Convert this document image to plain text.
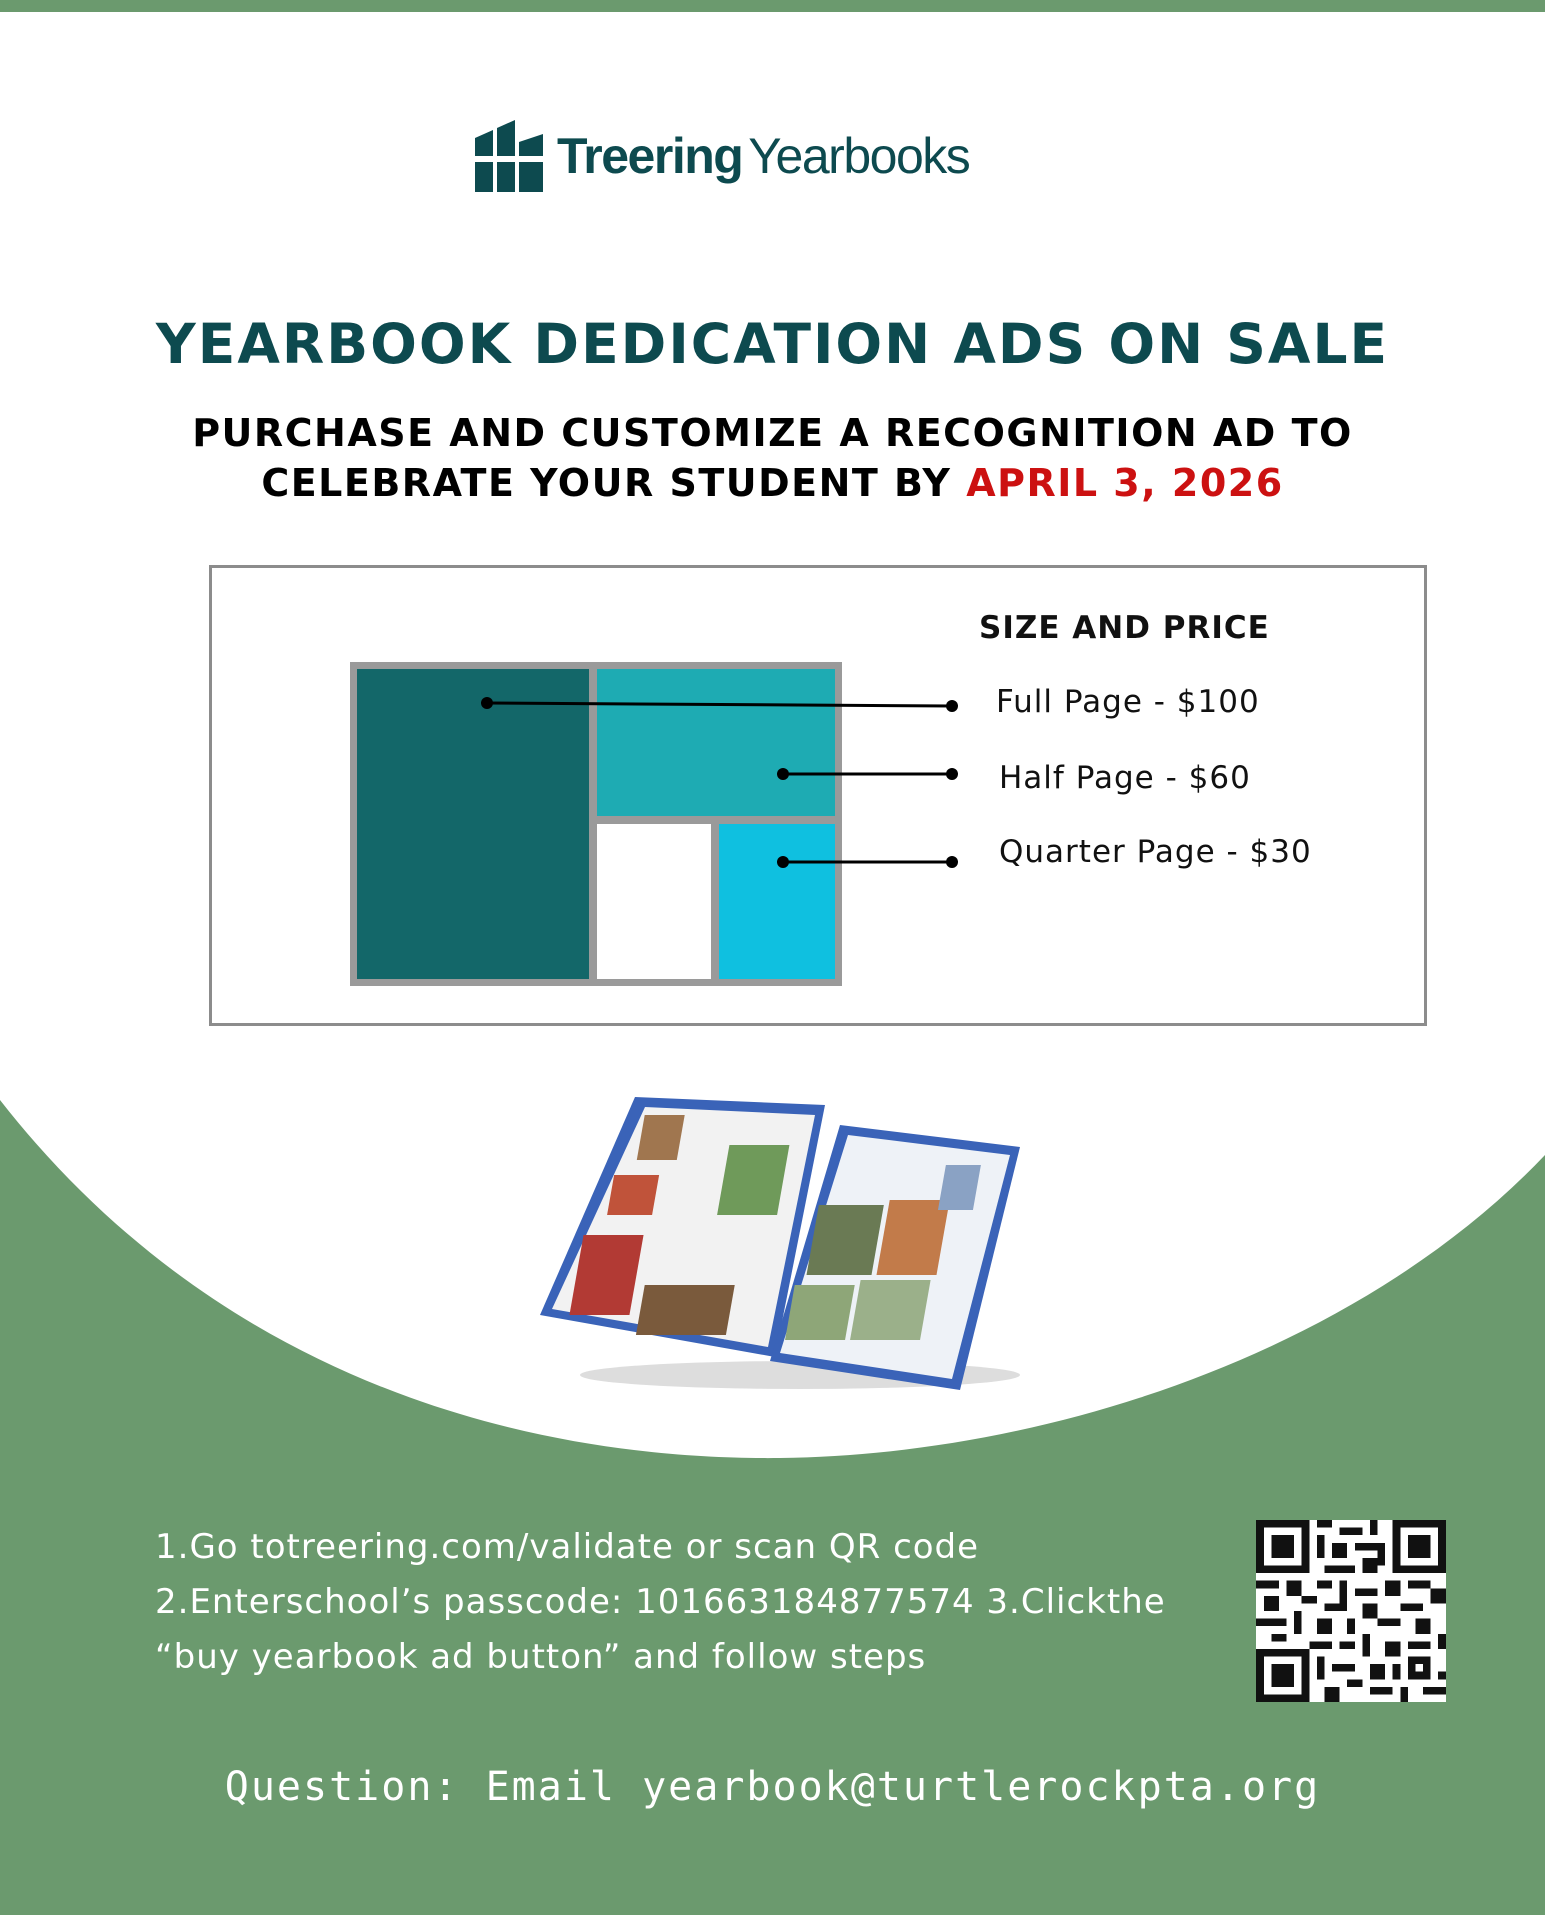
Treering Yearbooks
YEARBOOK DEDICATION ADS ON SALE
PURCHASE AND CUSTOMIZE A RECOGNITION AD TO
CELEBRATE YOUR STUDENT BY APRIL 3, 2026
SIZE AND PRICE
Full Page - $100
Half Page - $60
Quarter Page - $30
1.Go totreering.com/validate or scan QR code
2.Enterschool’s passcode: 101663184877574 3.Clickthe
“buy yearbook ad button” and follow steps
Question: Email yearbook@turtlerockpta.org
